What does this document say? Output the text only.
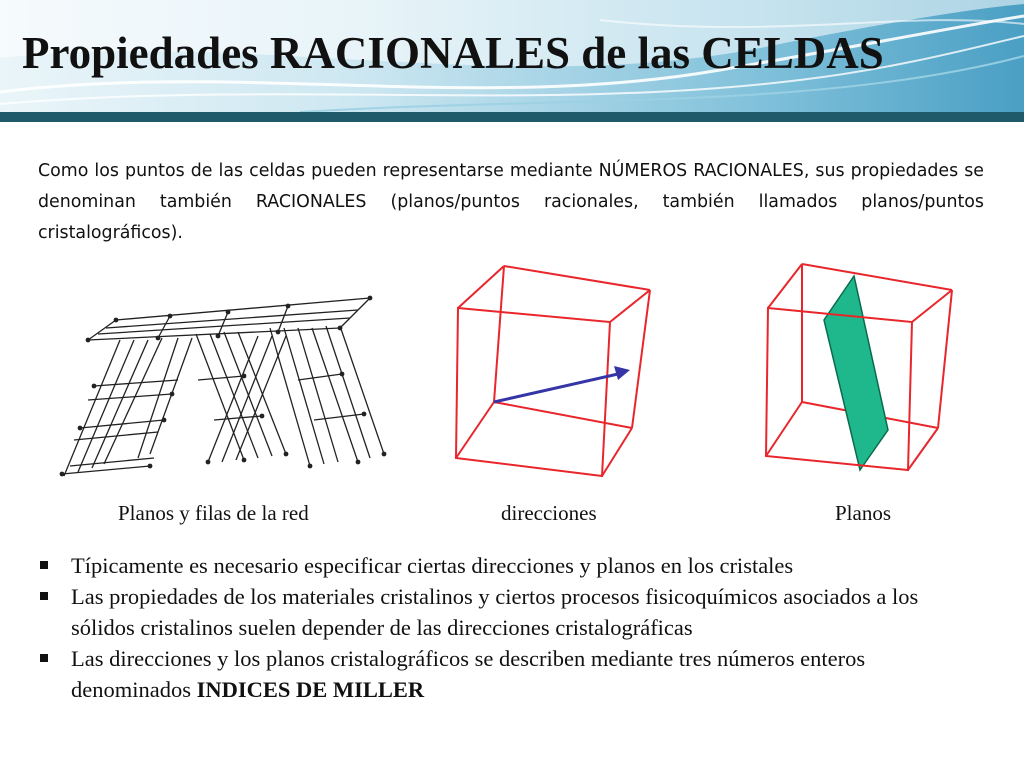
Propiedades RACIONALES de las CELDAS

Como los puntos de las celdas pueden representarse mediante NÚMEROS RACIONALES, sus propiedades se denominan también RACIONALES (planos/puntos racionales, también llamados planos/puntos cristalográficos).

Planos y filas de la red	direcciones	Planos
Típicamente es necesario especificar ciertas direcciones y planos en los cristales
Las propiedades de los materiales cristalinos y ciertos procesos fisicoquímicos asociados a los sólidos cristalinos suelen depender de las direcciones cristalográficas
Las direcciones y los planos cristalográficos se describen mediante tres números enteros denominados INDICES DE MILLER
